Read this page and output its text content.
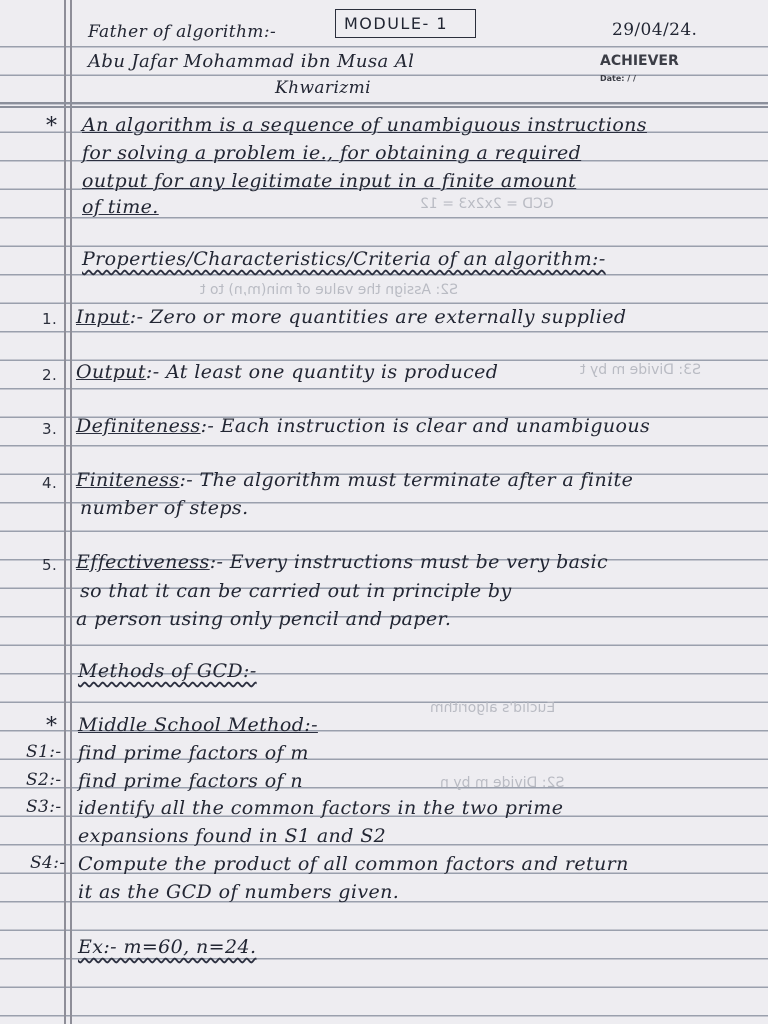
GCD = 2x2x3 = 12
S2: Assign the value of min(m,n) to t
S3: Divide m by t
Euclid's algorithm
S2: Divide m by n
Father of algorithm:-	MODULE- 1	29/04/24.
Abu Jafar Mohammad ibn Musa Al
Khwarizmi
ACHIEVER
Date: / /
* An algorithm is a sequence of unambiguous instructions
for solving a problem ie., for obtaining a required
output for any legitimate input in a finite amount
of time.
Properties/Characteristics/Criteria of an algorithm:-
1. Input:- Zero or more quantities are externally supplied
2. Output:- At least one quantity is produced
3. Definiteness:- Each instruction is clear and unambiguous
4. Finiteness:- The algorithm must terminate after a finite
number of steps.
5. Effectiveness:- Every instructions must be very basic
so that it can be carried out in principle by
a person using only pencil and paper.
Methods of GCD:-
* Middle School Method:-
S1:- find prime factors of m
S2:- find prime factors of n
S3:- identify all the common factors in the two prime
expansions found in S1 and S2
S4:- Compute the product of all common factors and return
it as the GCD of numbers given.
Ex:- m=60, n=24.
